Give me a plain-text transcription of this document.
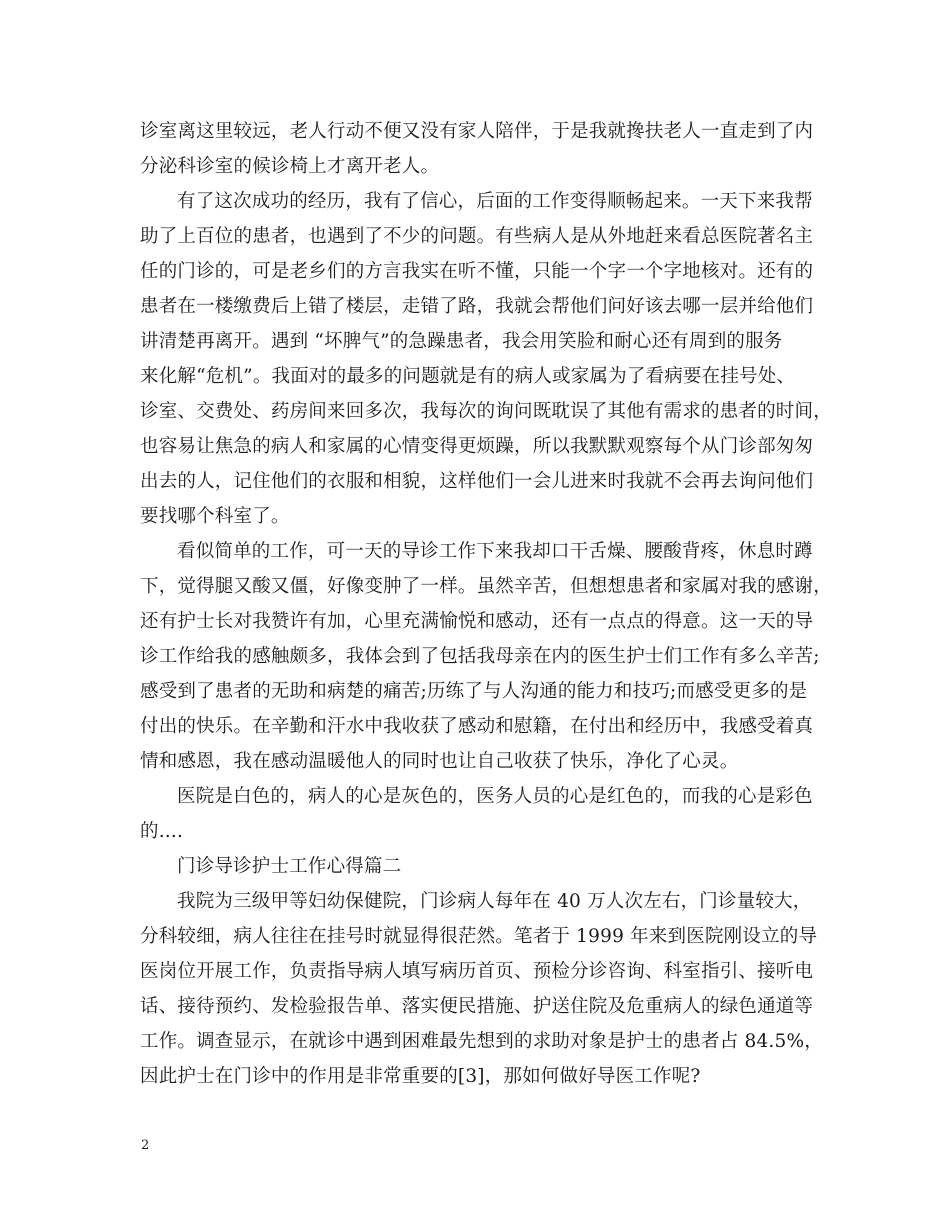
诊室离这里较远，老人行动不便又没有家人陪伴，于是我就搀扶老人一直走到了内
分泌科诊室的候诊椅上才离开老人。
有了这次成功的经历，我有了信心，后面的工作变得顺畅起来。一天下来我帮
助了上百位的患者，也遇到了不少的问题。有些病人是从外地赶来看总医院著名主
任的门诊的，可是老乡们的方言我实在听不懂，只能一个字一个字地核对。还有的
患者在一楼缴费后上错了楼层，走错了路，我就会帮他们问好该去哪一层并给他们
讲清楚再离开。遇到 “坏脾气”的急躁患者，我会用笑脸和耐心还有周到的服务
来化解“危机”。我面对的最多的问题就是有的病人或家属为了看病要在挂号处、
诊室、交费处、药房间来回多次，我每次的询问既耽误了其他有需求的患者的时间，
也容易让焦急的病人和家属的心情变得更烦躁，所以我默默观察每个从门诊部匆匆
出去的人，记住他们的衣服和相貌，这样他们一会儿进来时我就不会再去询问他们
要找哪个科室了。
看似简单的工作，可一天的导诊工作下来我却口干舌燥、腰酸背疼，休息时蹲
下，觉得腿又酸又僵，好像变肿了一样。虽然辛苦，但想想患者和家属对我的感谢，
还有护士长对我赞许有加，心里充满愉悦和感动，还有一点点的得意。这一天的导
诊工作给我的感触颇多，我体会到了包括我母亲在内的医生护士们工作有多么辛苦;
感受到了患者的无助和病楚的痛苦;历练了与人沟通的能力和技巧;而感受更多的是
付出的快乐。在辛勤和汗水中我收获了感动和慰籍，在付出和经历中，我感受着真
情和感恩，我在感动温暖他人的同时也让自己收获了快乐，净化了心灵。
医院是白色的，病人的心是灰色的，医务人员的心是红色的，而我的心是彩色
的....
门诊导诊护士工作心得篇二
我院为三级甲等妇幼保健院，门诊病人每年在 40 万人次左右，门诊量较大，
分科较细，病人往往在挂号时就显得很茫然。笔者于 1999 年来到医院刚设立的导
医岗位开展工作，负责指导病人填写病历首页、预检分诊咨询、科室指引、接听电
话、接待预约、发检验报告单、落实便民措施、护送住院及危重病人的绿色通道等
工作。调查显示，在就诊中遇到困难最先想到的求助对象是护士的患者占 84.5%，
因此护士在门诊中的作用是非常重要的[3]，那如何做好导医工作呢?
2
